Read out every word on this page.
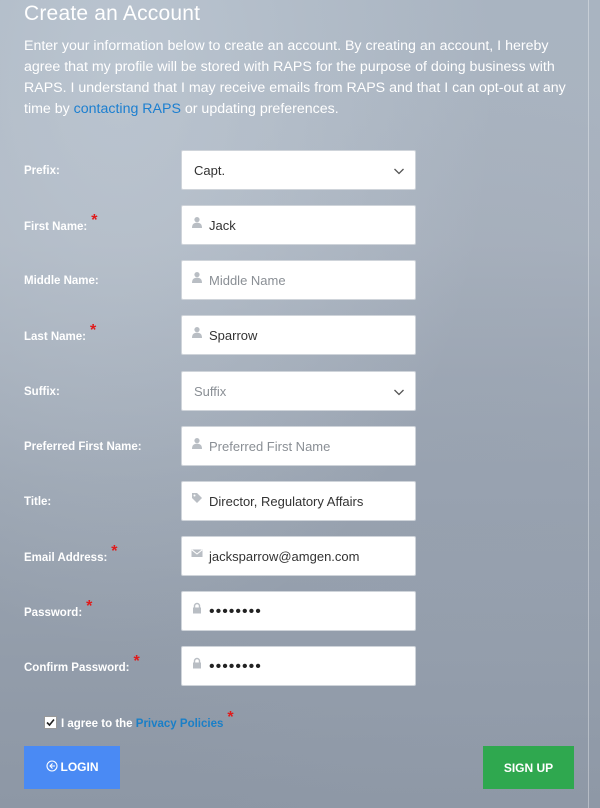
Create an Account
Enter your information below to create an account. By creating an account, I hereby agree that my profile will be stored with RAPS for the purpose of doing business with RAPS. I understand that I may receive emails from RAPS and that I can opt-out at any time by contacting RAPS or updating preferences.
Prefix:	Capt.
First Name: *	Jack
Middle Name:	Middle Name
Last Name: *	Sparrow
Suffix:	Suffix
Preferred First Name:	Preferred First Name
Title:	Director, Regulatory Affairs
Email Address: *	jacksparrow@amgen.com
Password: *	••••••••
Confirm Password: *	••••••••
I agree to the Privacy Policies *
LOGIN	SIGN UP
